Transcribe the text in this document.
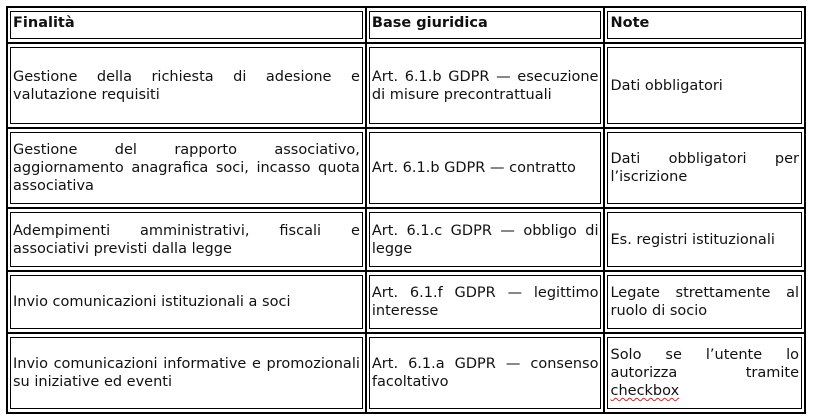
Finalità	Base giuridica	Note

Gestione della richiesta di adesione e valutazione requisiti	Art. 6.1.b GDPR — esecuzione di misure precontrattuali	Dati obbligatori

Gestione del rapporto associativo, aggiornamento anagrafica soci, incasso quota associativa	Art. 6.1.b GDPR — contratto	Dati obbligatori per l’iscrizione

Adempimenti amministrativi, fiscali e associativi previsti dalla legge	Art. 6.1.c GDPR — obbligo di legge	Es. registri istituzionali

Invio comunicazioni istituzionali a soci	Art. 6.1.f GDPR — legittimo interesse	Legate strettamente al ruolo di socio

Invio comunicazioni informative e promozionali su iniziative ed eventi	Art. 6.1.a GDPR — consenso facoltativo	Solo se l’utente lo autorizza tramite checkbox
